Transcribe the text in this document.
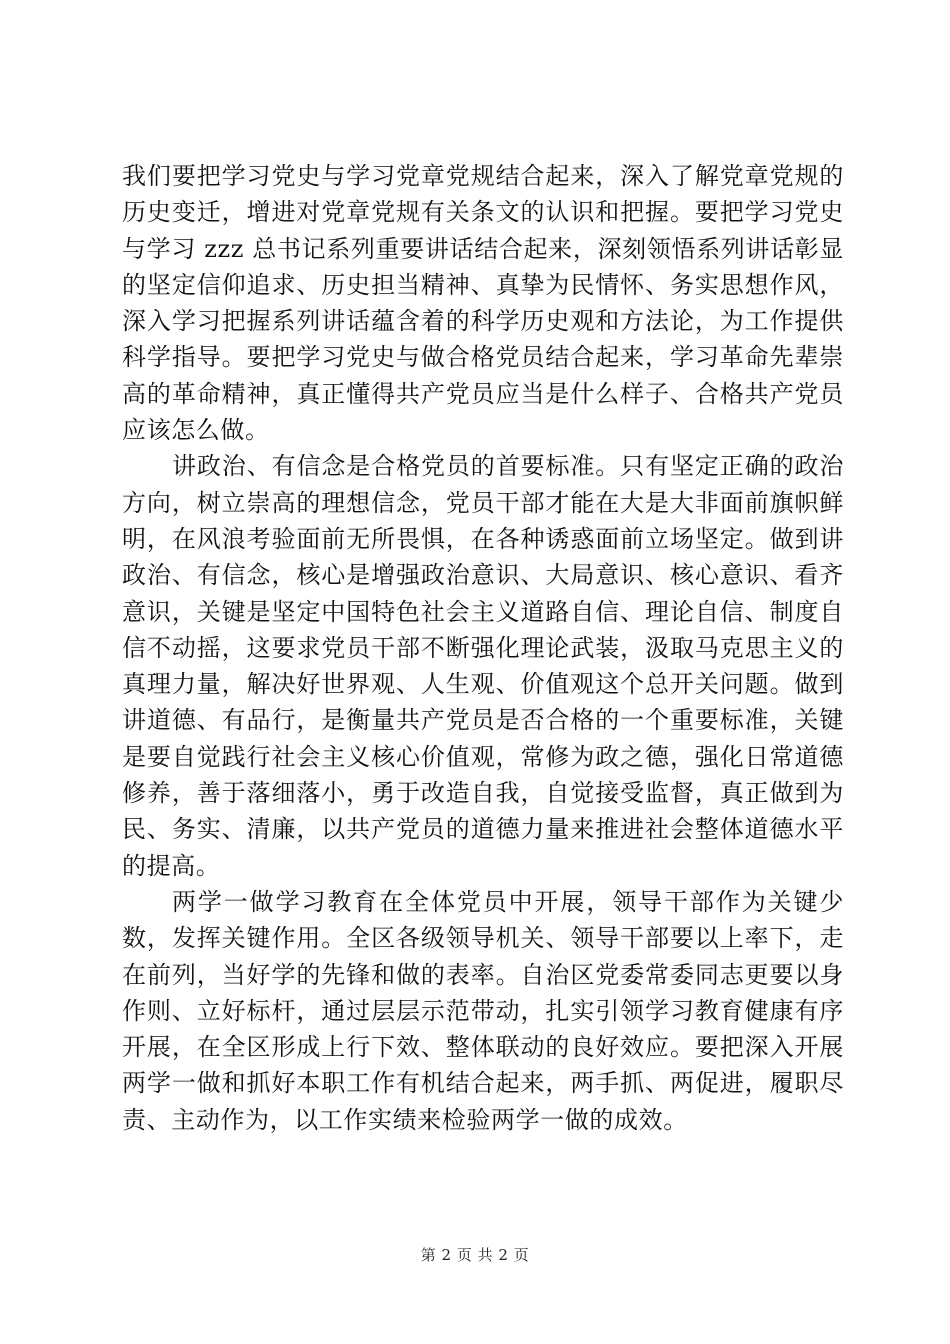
我们要把学习党史与学习党章党规结合起来，深入了解党章党规的历史变迁，增进对党章党规有关条文的认识和把握。要把学习党史与学习 zzz 总书记系列重要讲话结合起来，深刻领悟系列讲话彰显的坚定信仰追求、历史担当精神、真挚为民情怀、务实思想作风，深入学习把握系列讲话蕴含着的科学历史观和方法论，为工作提供科学指导。要把学习党史与做合格党员结合起来，学习革命先辈崇高的革命精神，真正懂得共产党员应当是什么样子、合格共产党员应该怎么做。

讲政治、有信念是合格党员的首要标准。只有坚定正确的政治方向，树立崇高的理想信念，党员干部才能在大是大非面前旗帜鲜明，在风浪考验面前无所畏惧，在各种诱惑面前立场坚定。做到讲政治、有信念，核心是增强政治意识、大局意识、核心意识、看齐意识，关键是坚定中国特色社会主义道路自信、理论自信、制度自信不动摇，这要求党员干部不断强化理论武装，汲取马克思主义的真理力量，解决好世界观、人生观、价值观这个总开关问题。做到讲道德、有品行，是衡量共产党员是否合格的一个重要标准，关键是要自觉践行社会主义核心价值观，常修为政之德，强化日常道德修养，善于落细落小，勇于改造自我，自觉接受监督，真正做到为民、务实、清廉，以共产党员的道德力量来推进社会整体道德水平的提高。

两学一做学习教育在全体党员中开展，领导干部作为关键少数，发挥关键作用。全区各级领导机关、领导干部要以上率下，走在前列，当好学的先锋和做的表率。自治区党委常委同志更要以身作则、立好标杆，通过层层示范带动，扎实引领学习教育健康有序开展，在全区形成上行下效、整体联动的良好效应。要把深入开展两学一做和抓好本职工作有机结合起来，两手抓、两促进，履职尽责、主动作为，以工作实绩来检验两学一做的成效。

第 2 页 共 2 页
